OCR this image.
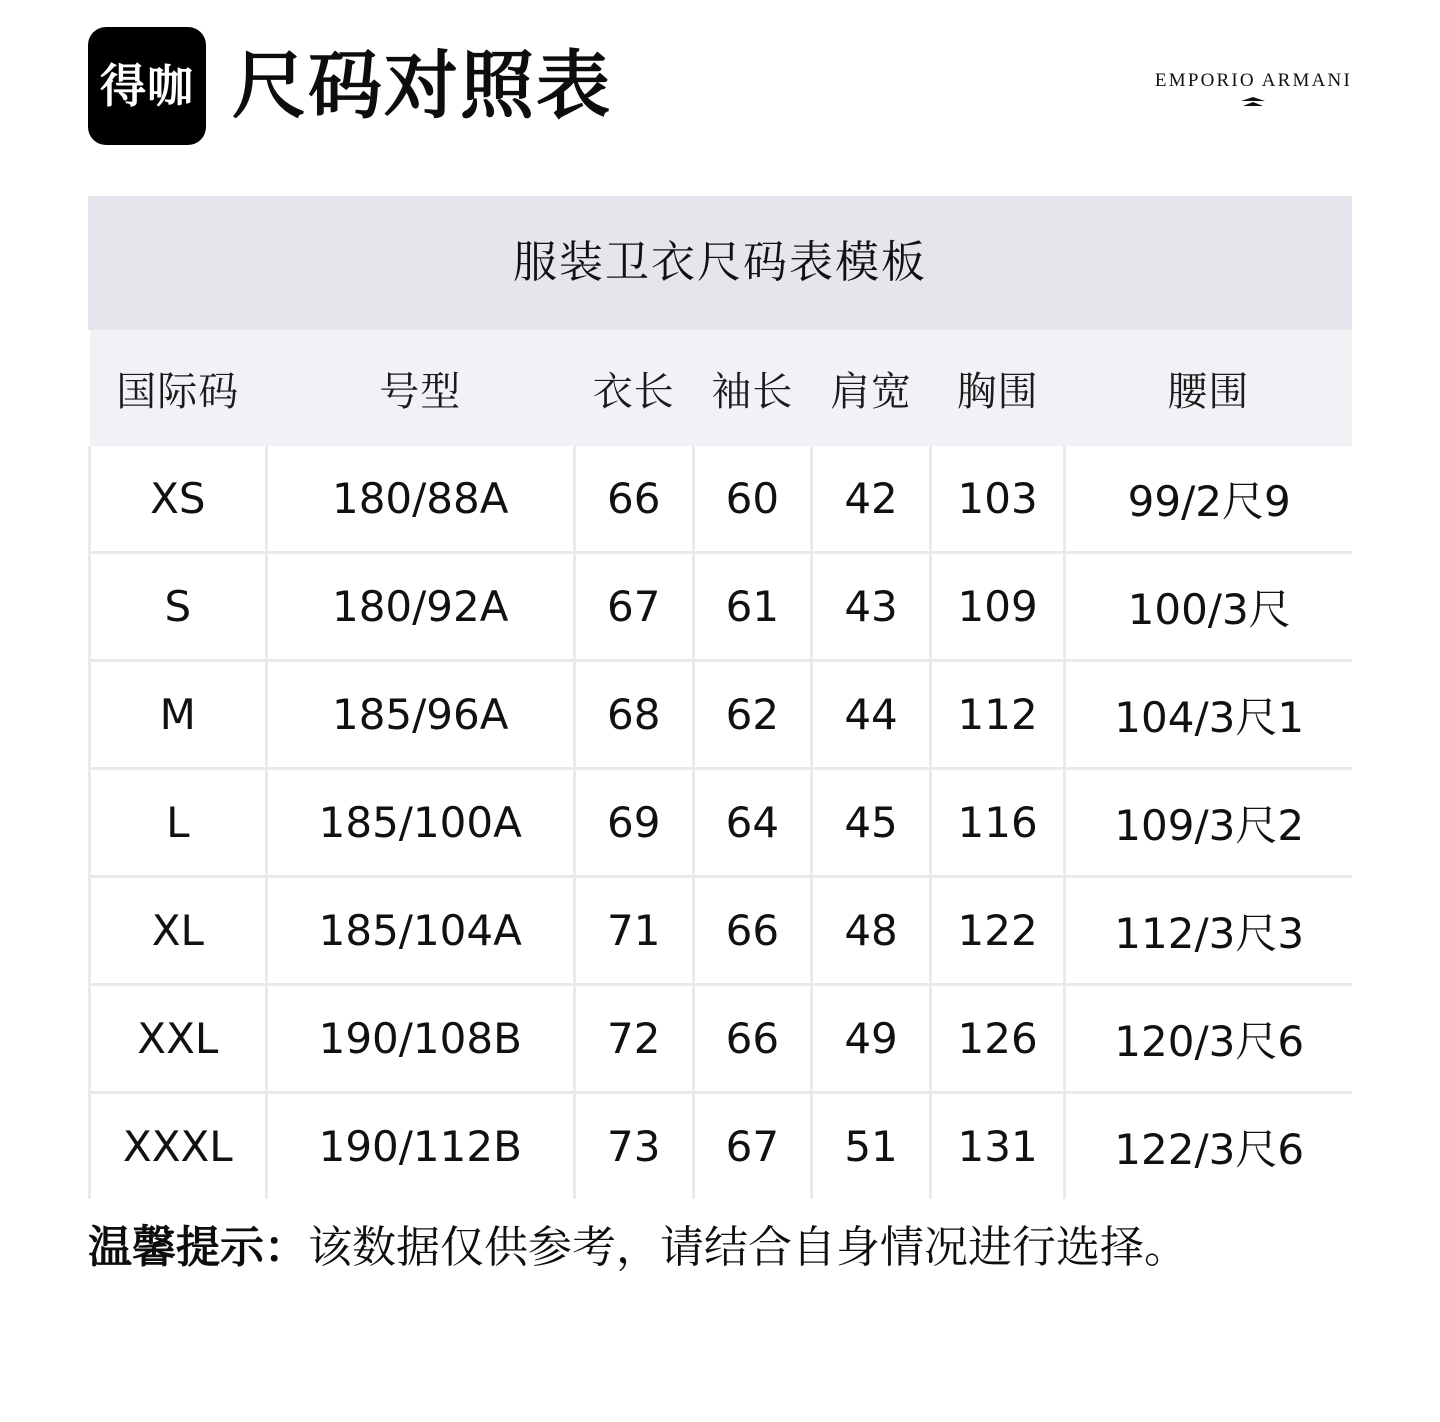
得咖 尺码对照表	EMPORIO ARMANI
服装卫衣尺码表模板
国际码	号型	衣长	袖长	肩宽	胸围	腰围
XS	180/88A	66	60	42	103	99/2尺9
S	180/92A	67	61	43	109	100/3尺
M	185/96A	68	62	44	112	104/3尺1
L	185/100A	69	64	45	116	109/3尺2
XL	185/104A	71	66	48	122	112/3尺3
XXL	190/108B	72	66	49	126	120/3尺6
XXXL	190/112B	73	67	51	131	122/3尺6
温馨提示：该数据仅供参考，请结合自身情况进行选择。
